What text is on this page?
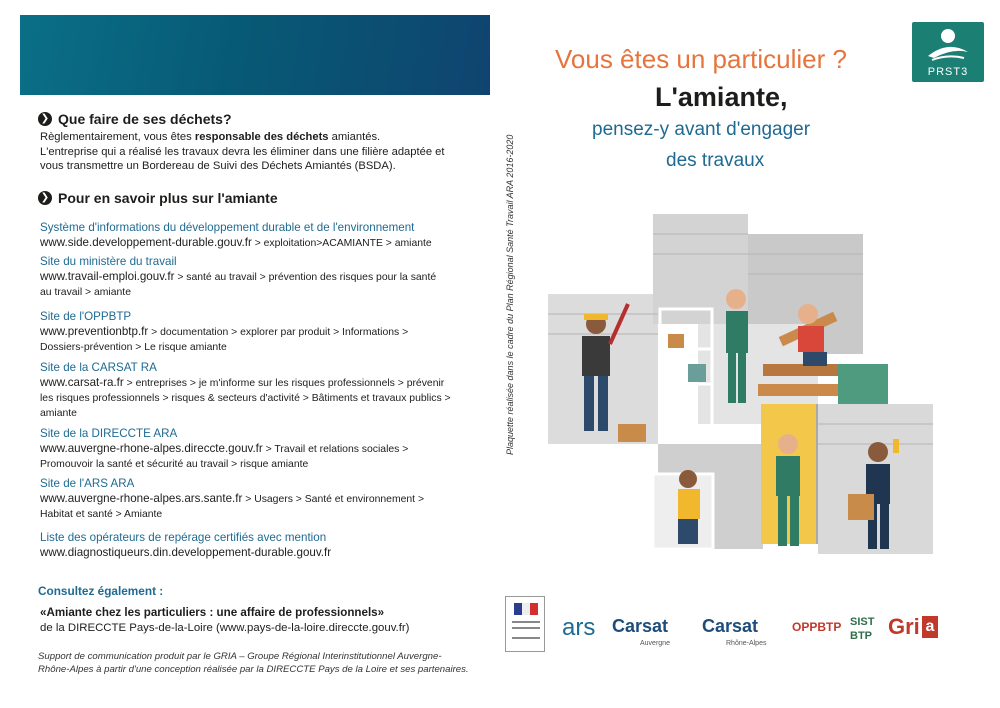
❯ Que faire de ses déchets?
Règlementairement, vous êtes responsable des déchets amiantés.
L'entreprise qui a réalisé les travaux devra les éliminer dans une filière adaptée et
vous transmettre un Bordereau de Suivi des Déchets Amiantés (BSDA).
❯ Pour en savoir plus sur l'amiante
Système d'informations du développement durable et de l'environnement
www.side.developpement-durable.gouv.fr > exploitation>ACAMIANTE > amiante
Site du ministère du travail
www.travail-emploi.gouv.fr > santé au travail > prévention des risques pour la santé
au travail > amiante
Site de l'OPPBTP
www.preventionbtp.fr > documentation > explorer par produit > Informations >
Dossiers-prévention > Le risque amiante
Site de la CARSAT RA
www.carsat-ra.fr > entreprises > je m'informe sur les risques professionnels > prévenir
les risques professionnels > risques & secteurs d'activité > Bâtiments et travaux publics >
amiante
Site de la DIRECCTE ARA
www.auvergne-rhone-alpes.direccte.gouv.fr > Travail et relations sociales >
Promouvoir la santé et sécurité au travail > risque amiante
Site de l'ARS ARA
www.auvergne-rhone-alpes.ars.sante.fr > Usagers > Santé et environnement >
Habitat et santé > Amiante
Liste des opérateurs de repérage certifiés avec mention
www.diagnostiqueurs.din.developpement-durable.gouv.fr
Consultez également :
«Amiante chez les particuliers : une affaire de professionnels»
de la DIRECCTE Pays-de-la-Loire (www.pays-de-la-loire.direccte.gouv.fr)
Support de communication produit par le GRIA – Groupe Régional Interinstitutionnel Auvergne-
Rhône-Alpes à partir d'une conception réalisée par la DIRECCTE Pays de la Loire et ses partenaires.
Plaquette réalisée dans le cadre du Plan Régional Santé Travail ARA 2016-2020
Vous êtes un particulier ?
L'amiante,
pensez-y avant d'engager
des travaux
PRST3
ars Carsat
Auvergne
Carsat
Rhône-Alpes
OPPBTP SIST
BTP Gri a
